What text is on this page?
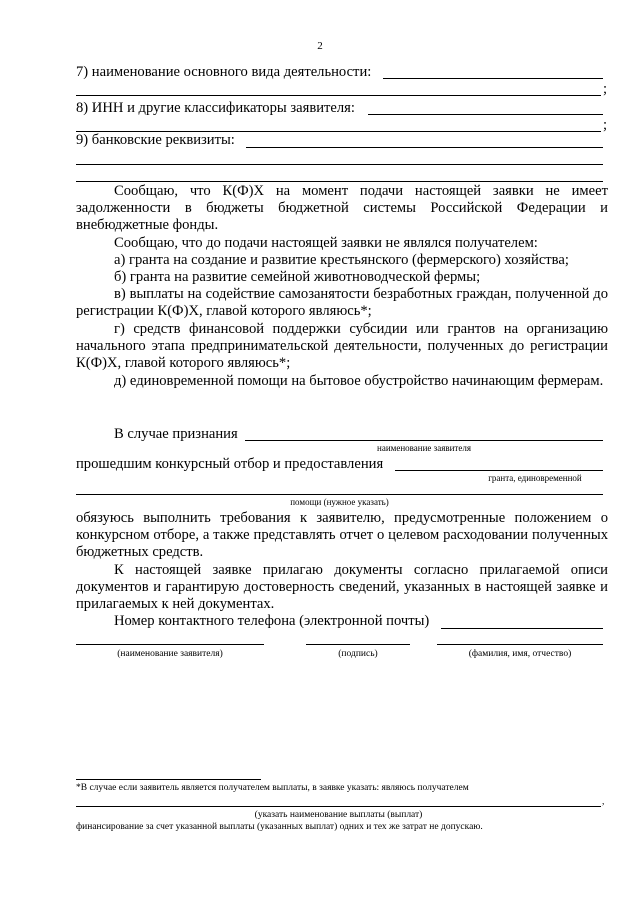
2
7) наименование основного вида деятельности:
;
8) ИНН и другие классификаторы заявителя:
;
9) банковские реквизиты:
Сообщаю, что К(Ф)Х на момент подачи настоящей заявки не имеет задолженности в бюджеты бюджетной системы Российской Федерации и внебюджетные фонды.
Сообщаю, что до подачи настоящей заявки не являлся получателем:
а) гранта на создание и развитие крестьянского (фермерского) хозяйства;
б) гранта на развитие семейной животноводческой фермы;
в) выплаты на содействие самозанятости безработных граждан, полученной до регистрации К(Ф)Х, главой которого являюсь*;
г) средств финансовой поддержки субсидии или грантов на организацию начального этапа предпринимательской деятельности, полученных до регистрации К(Ф)Х, главой которого являюсь*;
д) единовременной помощи на бытовое обустройство начинающим фермерам.
В случае признания
наименование заявителя
прошедшим конкурсный отбор и предоставления
гранта, единовременной
помощи (нужное указать)
обязуюсь выполнить требования к заявителю, предусмотренные положением о конкурсном отборе, а также представлять отчет о целевом расходовании полученных бюджетных средств.
К настоящей заявке прилагаю документы согласно прилагаемой описи документов и гарантирую достоверность сведений, указанных в настоящей заявке и прилагаемых к ней документах.
Номер контактного телефона (электронной почты)
(наименование заявителя)	(подпись)	(фамилия, имя, отчество)
*В случае если заявитель является получателем выплаты, в заявке указать: являюсь получателем
,
(указать наименование выплаты (выплат)
финансирование за счет указанной выплаты (указанных выплат) одних и тех же затрат не допускаю.
